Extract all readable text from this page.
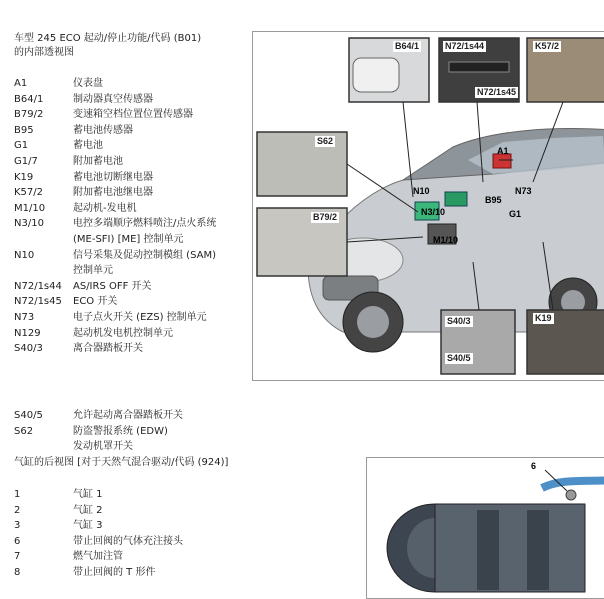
车型 245 ECO 起动/停止功能/代码 (B01)
的内部透视图
A1	仪表盘
B64/1	制动器真空传感器
B79/2	变速箱空档位置位置传感器
B95	蓄电池传感器
G1	蓄电池
G1/7	附加蓄电池
K19	蓄电池切断继电器
K57/2	附加蓄电池继电器
M1/10	起动机-发电机
N3/10	电控多端顺序燃料喷注/点火系统
(ME-SFI) [ME] 控制单元
N10	信号采集及促动控制模组 (SAM)
控制单元
N72/1s44	AS/IRS OFF 开关
N72/1s45	ECO 开关
N73	电子点火开关 (EZS) 控制单元
N129	起动机发电机控制单元
S40/3	离合器踏板开关
S40/5	允许起动离合器踏板开关
S62	防盗警报系统 (EDW)
发动机罩开关
气缸的后视图 [对于天然气混合驱动/代码 (924)]
1	气缸 1
2	气缸 2
3	气缸 3
6	带止回阀的气体充注接头
7	燃气加注管
8	带止回阀的 T 形件
B64/1	N72/1s44
N72/1s45
K57/2
S62
B79/2
A1
N10	N73
B95
N3/10	G1
M1/10
S40/3
S40/5
K19
6
